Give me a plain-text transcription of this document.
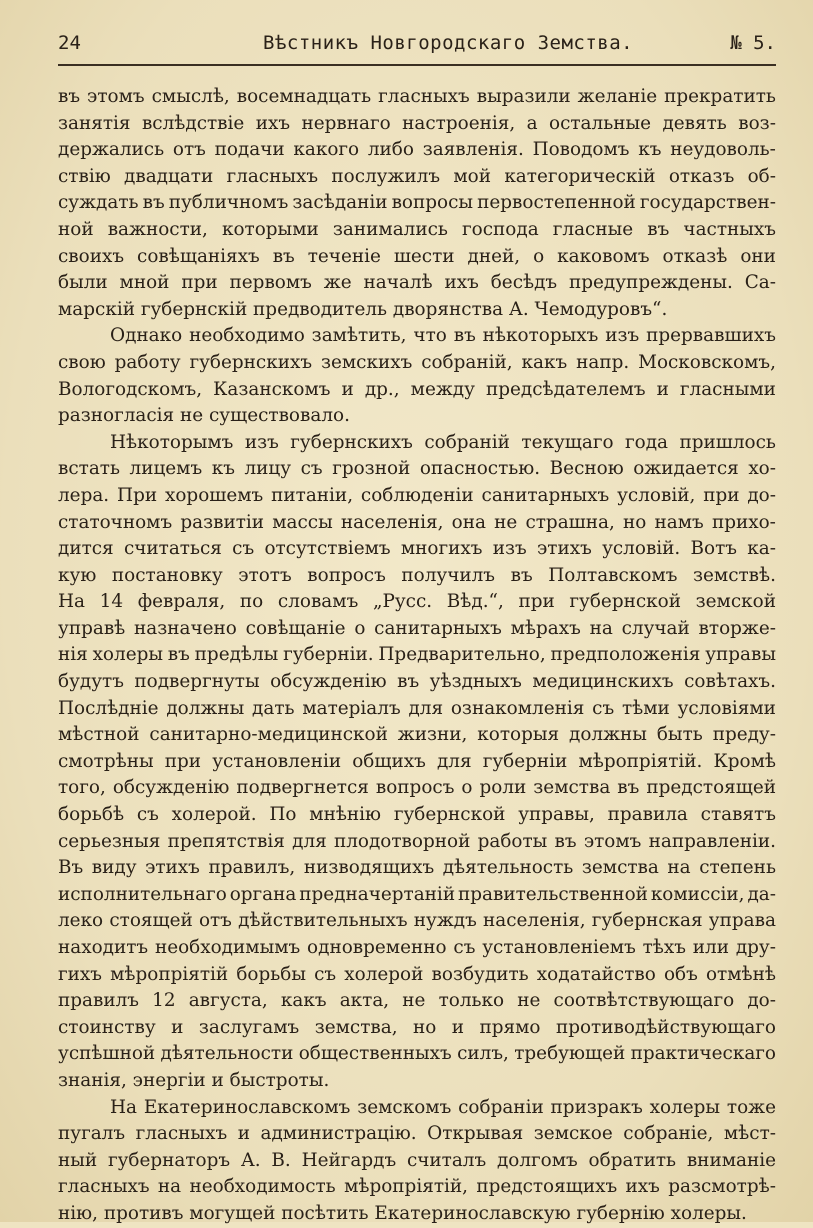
24	Вѣстникъ Новгородскаго Земства.	№ 5.
въ этомъ смыслѣ, восемнадцать гласныхъ выразили желаніе прекратить
занятія вслѣдствіе ихъ нервнаго настроенія, а остальные девять воз-
держались отъ подачи какого либо заявленія. Поводомъ къ неудоволь-
ствію двадцати гласныхъ послужилъ мой категорическій отказъ об-
суждать въ публичномъ засѣданіи вопросы первостепенной государствен-
ной важности, которыми занимались господа гласные въ частныхъ
своихъ совѣщаніяхъ въ теченіе шести дней, о каковомъ отказѣ они
были мной при первомъ же началѣ ихъ бесѣдъ предупреждены. Са-
марскій губернскій предводитель дворянства А. Чемодуровъ“.
Однако необходимо замѣтить, что въ нѣкоторыхъ изъ прервавшихъ
свою работу губернскихъ земскихъ собраній, какъ напр. Московскомъ,
Вологодскомъ, Казанскомъ и др., между предсѣдателемъ и гласными
разногласія не существовало.
Нѣкоторымъ изъ губернскихъ собраній текущаго года пришлось
встать лицемъ къ лицу съ грозной опасностью. Весною ожидается хо-
лера. При хорошемъ питаніи, соблюденіи санитарныхъ условій, при до-
статочномъ развитіи массы населенія, она не страшна, но намъ прихо-
дится считаться съ отсутствіемъ многихъ изъ этихъ условій. Вотъ ка-
кую постановку этотъ вопросъ получилъ въ Полтавскомъ земствѣ.
На 14 февраля, по словамъ „Русс. Вѣд.“, при губернской земской
управѣ назначено совѣщаніе о санитарныхъ мѣрахъ на случай вторже-
нія холеры въ предѣлы губерніи. Предварительно, предположенія управы
будутъ подвергнуты обсужденію въ уѣздныхъ медицинскихъ совѣтахъ.
Послѣдніе должны дать матеріалъ для ознакомленія съ тѣми условіями
мѣстной санитарно-медицинской жизни, которыя должны быть преду-
смотрѣны при установленіи общихъ для губерніи мѣропріятій. Кромѣ
того, обсужденію подвергнется вопросъ о роли земства въ предстоящей
борьбѣ съ холерой. По мнѣнію губернской управы, правила ставятъ
серьезныя препятствія для плодотворной работы въ этомъ направленіи.
Въ виду этихъ правилъ, низводящихъ дѣятельность земства на степень
исполнительнаго органа предначертаній правительственной комиссіи, да-
леко стоящей отъ дѣйствительныхъ нуждъ населенія, губернская управа
находитъ необходимымъ одновременно съ установленіемъ тѣхъ или дру-
гихъ мѣропріятій борьбы съ холерой возбудить ходатайство объ отмѣнѣ
правилъ 12 августа, какъ акта, не только не соотвѣтствующаго до-
стоинству и заслугамъ земства, но и прямо противодѣйствующаго
успѣшной дѣятельности общественныхъ силъ, требующей практическаго
знанія, энергіи и быстроты.
На Екатеринославскомъ земскомъ собраніи призракъ холеры тоже
пугалъ гласныхъ и администрацію. Открывая земское собраніе, мѣст-
ный губернаторъ А. В. Нейгардъ считалъ долгомъ обратить вниманіе
гласныхъ на необходимость мѣропріятій, предстоящихъ ихъ разсмотрѣ-
нію, противъ могущей посѣтить Екатеринославскую губернію холеры.
